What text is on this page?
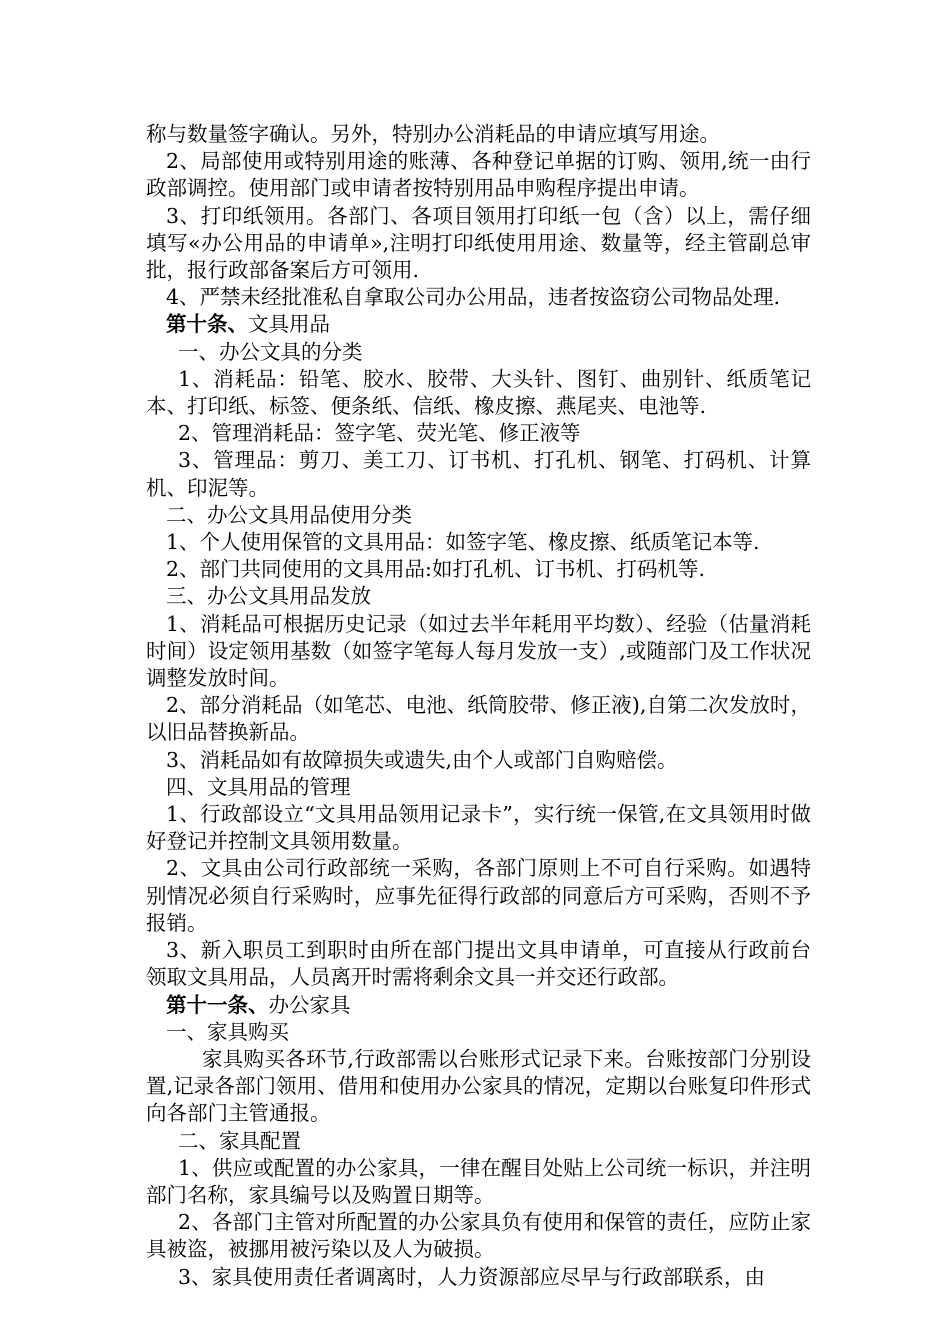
称与数量签字确认。另外，特别办公消耗品的申请应填写用途。

2、局部使用或特别用途的账薄、各种登记单据的订购、领用,统一由行政部调控。使用部门或申请者按特别用品申购程序提出申请。

3、打印纸领用。各部门、各项目领用打印纸一包（含）以上，需仔细填写«办公用品的申请单»,注明打印纸使用用途、数量等，经主管副总审批，报行政部备案后方可领用.

4、严禁未经批准私自拿取公司办公用品，违者按盗窃公司物品处理.

第十条、文具用品

一、办公文具的分类

1、消耗品：铅笔、胶水、胶带、大头针、图钉、曲别针、纸质笔记本、打印纸、标签、便条纸、信纸、橡皮擦、燕尾夹、电池等.

2、管理消耗品：签字笔、荧光笔、修正液等

3、管理品：剪刀、美工刀、订书机、打孔机、钢笔、打码机、计算机、印泥等。

二、办公文具用品使用分类

1、个人使用保管的文具用品：如签字笔、橡皮擦、纸质笔记本等.

2、部门共同使用的文具用品:如打孔机、订书机、打码机等.

三、办公文具用品发放

1、消耗品可根据历史记录（如过去半年耗用平均数）、经验（估量消耗时间）设定领用基数（如签字笔每人每月发放一支）,或随部门及工作状况调整发放时间。

2、部分消耗品（如笔芯、电池、纸筒胶带、修正液),自第二次发放时，以旧品替换新品。

3、消耗品如有故障损失或遗失,由个人或部门自购赔偿。

四、文具用品的管理

1、行政部设立“文具用品领用记录卡”，实行统一保管,在文具领用时做好登记并控制文具领用数量。

2、文具由公司行政部统一采购，各部门原则上不可自行采购。如遇特别情况必须自行采购时，应事先征得行政部的同意后方可采购，否则不予报销。

3、新入职员工到职时由所在部门提出文具申请单，可直接从行政前台领取文具用品，人员离开时需将剩余文具一并交还行政部。

第十一条、办公家具

一、家具购买

家具购买各环节,行政部需以台账形式记录下来。台账按部门分别设置,记录各部门领用、借用和使用办公家具的情况，定期以台账复印件形式向各部门主管通报。

二、家具配置

1、供应或配置的办公家具，一律在醒目处贴上公司统一标识，并注明部门名称，家具编号以及购置日期等。

2、各部门主管对所配置的办公家具负有使用和保管的责任，应防止家具被盗，被挪用被污染以及人为破损。

3、家具使用责任者调离时，人力资源部应尽早与行政部联系，由
